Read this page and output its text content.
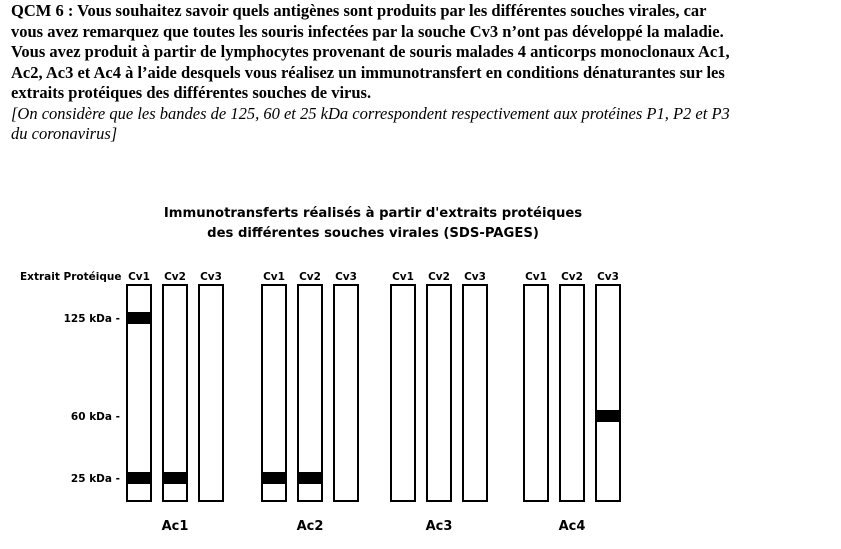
QCM 6 : Vous souhaitez savoir quels antigènes sont produits par les différentes souches virales, car
vous avez remarquez que toutes les souris infectées par la souche Cv3 n’ont pas développé la maladie.
Vous avez produit à partir de lymphocytes provenant de souris malades 4 anticorps monoclonaux Ac1,
Ac2, Ac3 et Ac4 à l’aide desquels vous réalisez un immunotransfert en conditions dénaturantes sur les
extraits protéiques des différentes souches de virus.
[On considère que les bandes de 125, 60 et 25 kDa correspondent respectivement aux protéines P1, P2 et P3
du coronavirus]
Immunotransferts réalisés à partir d'extraits protéiques
des différentes souches virales (SDS-PAGES)
Extrait Protéique
125 kDa -
60 kDa -
25 kDa -
Cv1 Cv2 Cv3
Ac1
Cv1 Cv2 Cv3
Ac2
Cv1 Cv2 Cv3
Ac3
Cv1 Cv2 Cv3
Ac4
